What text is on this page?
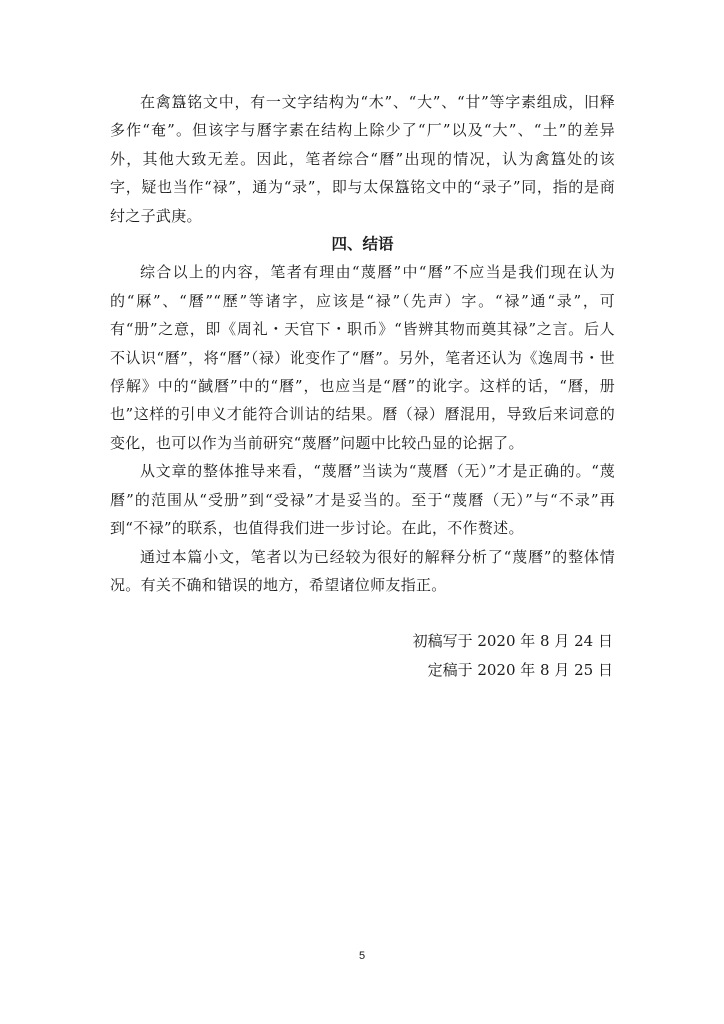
在禽簋铭文中，有一文字结构为“木”、“大”、“甘”等字素组成，旧释多作“奄”。但该字与曆字素在结构上除少了“厂”以及“大”、“土”的差异外，其他大致无差。因此，笔者综合“曆”出现的情况，认为禽簋处的该字，疑也当作“禄”，通为“录”，即与太保簋铭文中的“录子”同，指的是商纣之子武庚。

四、结语

综合以上的内容，笔者有理由“蔑曆”中“曆”不应当是我们现在认为的“厤”、“曆”“歷”等诸字，应该是“禄”（先声）字。“禄”通“录”，可有“册”之意，即《周礼・天官下・职币》“皆辨其物而奠其禄”之言。后人不认识“曆”，将“曆”（禄）讹变作了“曆”。另外，笔者还认为《逸周书・世俘解》中的“馘曆”中的“曆”，也应当是“曆”的讹字。这样的话，“曆，册也”这样的引申义才能符合训诂的结果。曆（禄）曆混用，导致后来词意的变化，也可以作为当前研究“蔑曆”问题中比较凸显的论据了。

从文章的整体推导来看，“蔑曆”当读为“蔑曆（无）”才是正确的。“蔑曆”的范围从“受册”到“受禄”才是妥当的。至于“蔑曆（无）”与“不录”再到“不禄”的联系，也值得我们进一步讨论。在此，不作赘述。

通过本篇小文，笔者以为已经较为很好的解释分析了“蔑曆”的整体情况。有关不确和错误的地方，希望诸位师友指正。

初稿写于 2020 年 8 月 24 日
定稿于 2020 年 8 月 25 日
5
